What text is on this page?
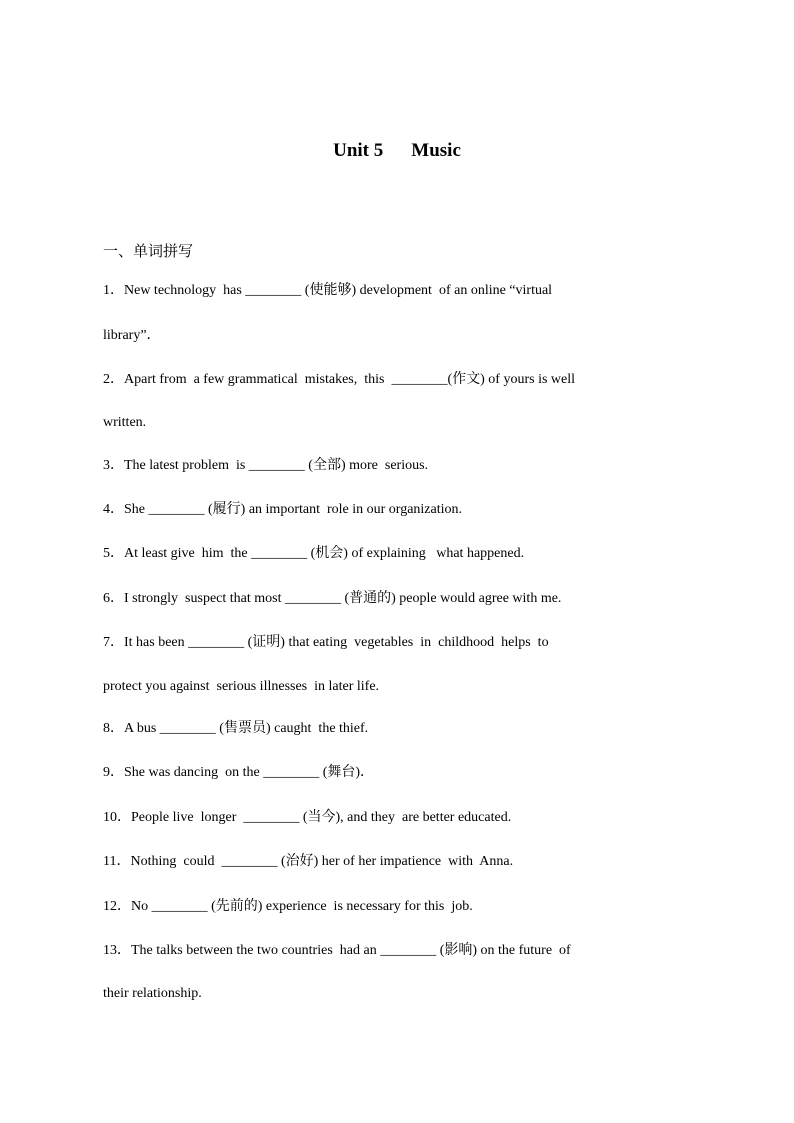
Unit 5 Music
一、单词拼写
1．New technology  has ________ (使能够) development  of an online “virtual
library”．
2．Apart from  a few grammatical  mistakes,  this  ________(作文) of yours is well
written.
3．The latest problem  is ________ (全部) more  serious.
4．She ________ (履行) an important  role in our organization.
5．At least give  him  the ________ (机会) of explaining   what happened.
6．I strongly  suspect that most ________ (普通的) people would agree with me.
7．It has been ________ (证明) that eating  vegetables  in  childhood  helps  to
protect you against  serious illnesses  in later life.
8．A bus ________ (售票员) caught  the thief.
9．She was dancing  on the ________ (舞台)．
10．People live  longer  ________ (当今), and they  are better educated.
11．Nothing  could  ________ (治好) her of her impatience  with  Anna.
12．No ________ (先前的) experience  is necessary for this  job.
13．The talks between the two countries  had an ________ (影响) on the future  of
their relationship.
